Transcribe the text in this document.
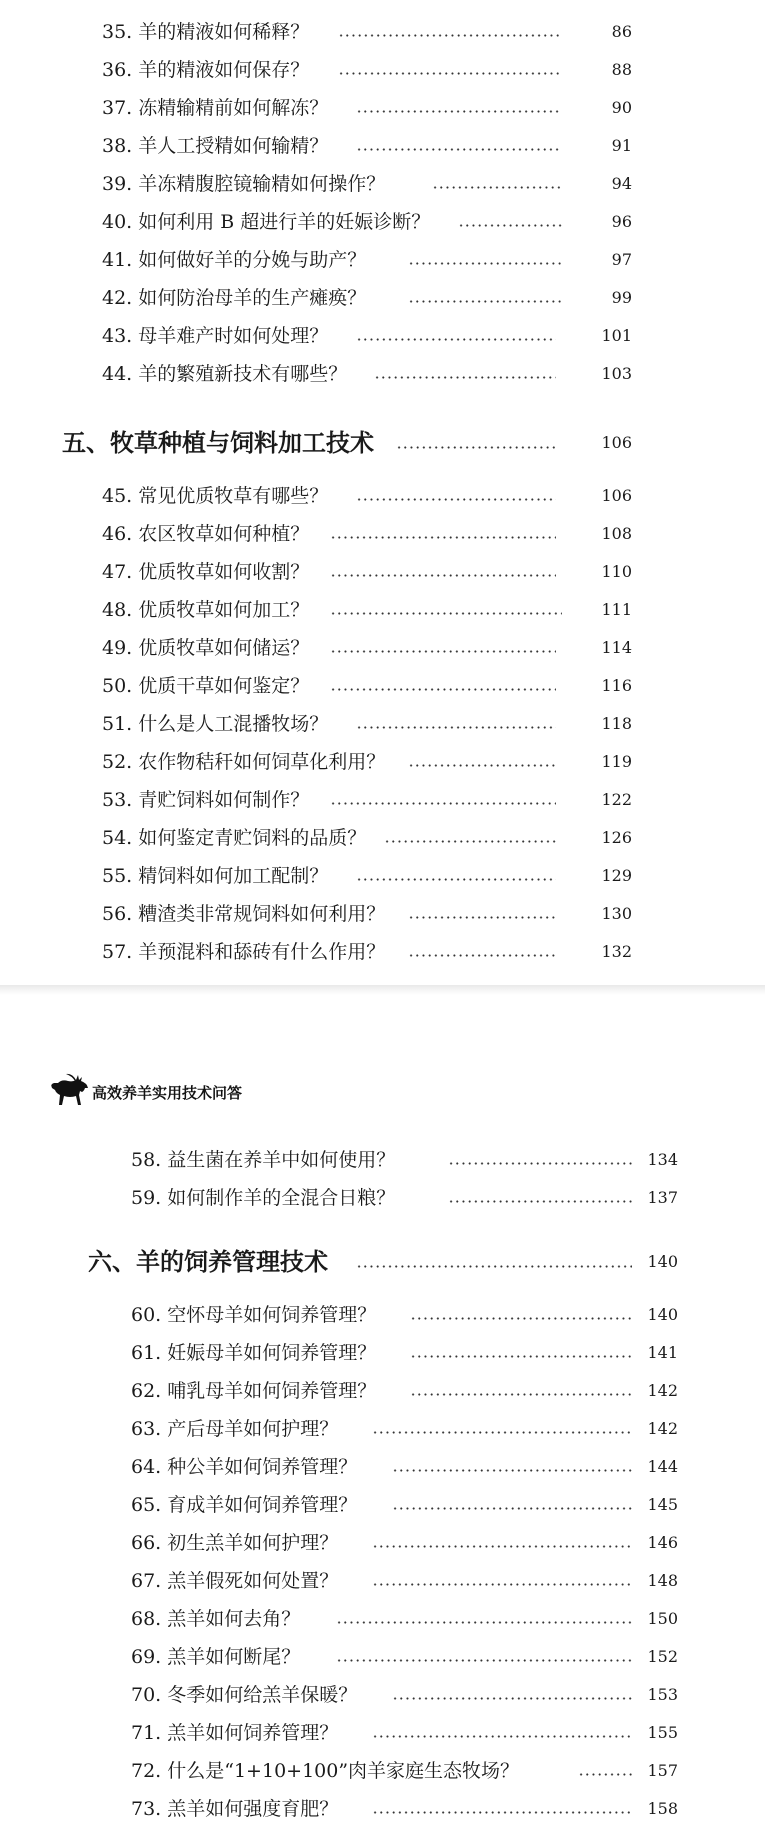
35. 羊的精液如何稀释？	86
36. 羊的精液如何保存？	88
37. 冻精输精前如何解冻？	90
38. 羊人工授精如何输精？	91
39. 羊冻精腹腔镜输精如何操作？	94
40. 如何利用 B 超进行羊的妊娠诊断？	96
41. 如何做好羊的分娩与助产？	97
42. 如何防治母羊的生产瘫痪？	99
43. 母羊难产时如何处理？	101
44. 羊的繁殖新技术有哪些？	103
五、牧草种植与饲料加工技术	106
45. 常见优质牧草有哪些？	106
46. 农区牧草如何种植？	108
47. 优质牧草如何收割？	110
48. 优质牧草如何加工？	111
49. 优质牧草如何储运？	114
50. 优质干草如何鉴定？	116
51. 什么是人工混播牧场？	118
52. 农作物秸秆如何饲草化利用？	119
53. 青贮饲料如何制作？	122
54. 如何鉴定青贮饲料的品质？	126
55. 精饲料如何加工配制？	129
56. 糟渣类非常规饲料如何利用？	130
57. 羊预混料和舔砖有什么作用？	132
高效养羊实用技术问答
58. 益生菌在养羊中如何使用？	134
59. 如何制作羊的全混合日粮？	137
六、羊的饲养管理技术	140
60. 空怀母羊如何饲养管理？	140
61. 妊娠母羊如何饲养管理？	141
62. 哺乳母羊如何饲养管理？	142
63. 产后母羊如何护理？	142
64. 种公羊如何饲养管理？	144
65. 育成羊如何饲养管理？	145
66. 初生羔羊如何护理？	146
67. 羔羊假死如何处置？	148
68. 羔羊如何去角？	150
69. 羔羊如何断尾？	152
70. 冬季如何给羔羊保暖？	153
71. 羔羊如何饲养管理？	155
72. 什么是“1+10+100”肉羊家庭生态牧场？	157
73. 羔羊如何强度育肥？	158
